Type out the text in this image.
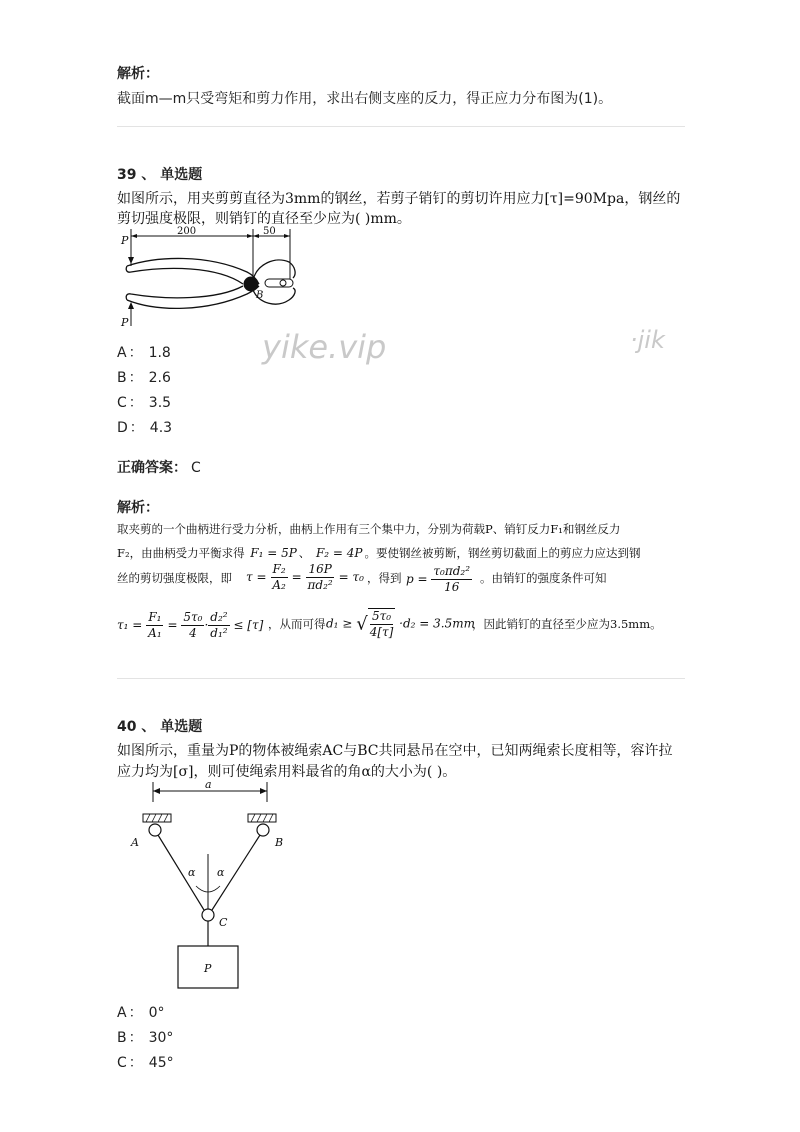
解析：
截面m—m只受弯矩和剪力作用，求出右侧支座的反力，得正应力分布图为(1)。
39 、 单选题
如图所示，用夹剪剪直径为3mm的钢丝，若剪子销钉的剪切许用应力[τ]=90Mpa，钢丝的
剪切强度极限，则销钉的直径至少应为( )mm。
200	50
P
B
P
yike.vip	·jik
A ： 1.8
B ： 2.6
C ： 3.5
D ： 4.3
正确答案： C
解析：
取夹剪的一个曲柄进行受力分析，曲柄上作用有三个集中力，分别为荷载P、销钉反力F₁和钢丝反力
F₂，由曲柄受力平衡求得 F₁ = 5P 、 F₂ = 4P 。要使钢丝被剪断，钢丝剪切截面上的剪应力应达到钢
丝的剪切强度极限，即 $\tau = \frac{\text{F₂}}{\text{A₂}} = \frac{16P}{\text{πd₂²}} = \tau_0$ ，得到 $p = \frac{\text{τ₀πd₂²}}{16}$ 。由销钉的强度条件可知
$\tau_1 = \frac{\text{F₁}}{\text{A₁}} = \frac{\text{5τ₀}}{4} \cdot \frac{\text{d₂²}}{\text{d₁²}} \le [\tau]$ ，从而可得 d₁ ≥ √ $\frac{\text{5τ₀}}{4[\tau]} \cdot d_2 = 3.5mm$
，因此销钉的直径至少应为3.5mm。
40 、 单选题
如图所示，重量为P的物体被绳索AC与BC共同悬吊在空中，已知两绳索长度相等，容许拉
应力均为[σ]，则可使绳索用料最省的角α的大小为( )。
a
A	B
α α
C
P
A ： 0°
B ： 30°
C ： 45°
